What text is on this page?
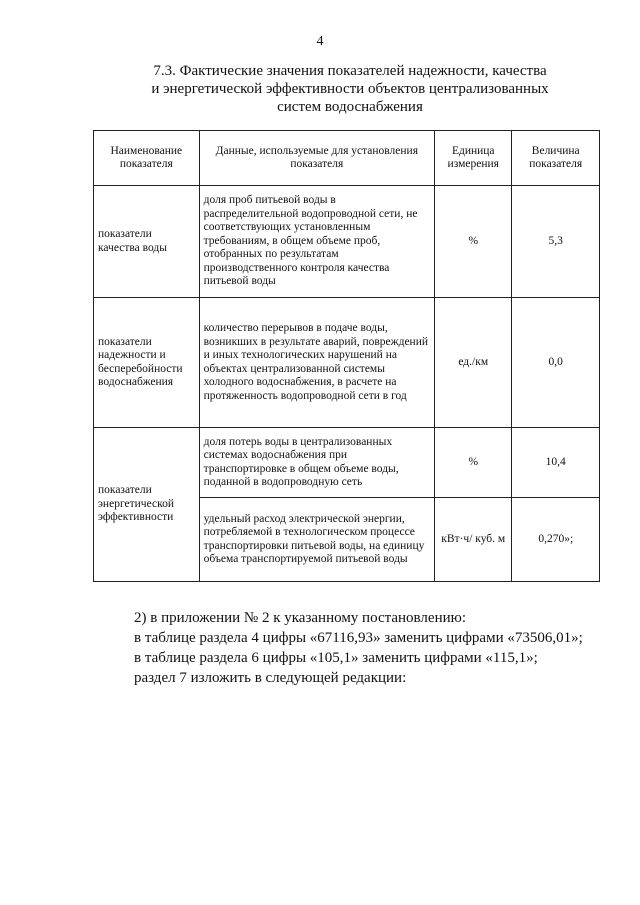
4
7.3. Фактические значения показателей надежности, качества
и энергетической эффективности объектов централизованных
систем водоснабжения
Наименование показателя	Данные, используемые для установления показателя	Единица измерения	Величина показателя
показатели качества воды	доля проб питьевой воды в распределительной водопроводной сети, не соответствующих установленным требованиям, в общем объеме проб, отобранных по результатам производственного контроля качества питьевой воды	%	5,3
показатели надежности и бесперебойности водоснабжения	количество перерывов в подаче воды, возникших в результате аварий, повреждений и иных технологических нарушений на объектах централизованной системы холодного водоснабжения, в расчете на протяженность водопроводной сети в год	ед./км	0,0
показатели энергетической эффективности	доля потерь воды в централизованных системах водоснабжения при транспортировке в общем объеме воды, поданной в водопроводную сеть	%	10,4
	удельный расход электрической энергии, потребляемой в технологическом процессе транспортировки питьевой воды, на единицу объема транспортируемой питьевой воды	кВт·ч/ куб. м	0,270»;
2) в приложении № 2 к указанному постановлению:
в таблице раздела 4 цифры «67116,93» заменить цифрами «73506,01»;
в таблице раздела 6 цифры «105,1» заменить цифрами «115,1»;
раздел 7 изложить в следующей редакции:
